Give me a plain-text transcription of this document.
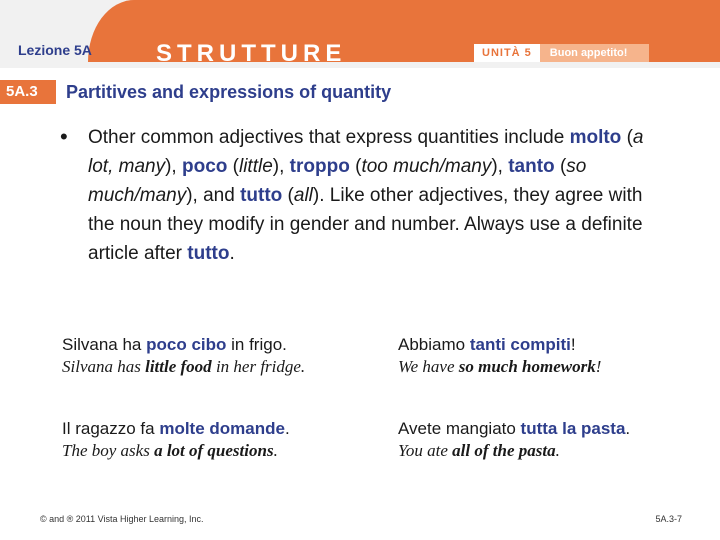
Lezione 5A	STRUTTURE	UNITÀ 5	Buon appetito!
5A.3	Partitives and expressions of quantity
• Other common adjectives that express quantities include molto (a lot, many), poco (little), troppo (too much/many), tanto (so much/many), and tutto (all). Like other adjectives, they agree with the noun they modify in gender and number. Always use a definite article after tutto.
Silvana ha poco cibo in frigo.
Silvana has little food in her fridge.
Abbiamo tanti compiti!
We have so much homework!
Il ragazzo fa molte domande.
The boy asks a lot of questions.
Avete mangiato tutta la pasta.
You ate all of the pasta.
© and ® 2011 Vista Higher Learning, Inc.	5A.3-7
